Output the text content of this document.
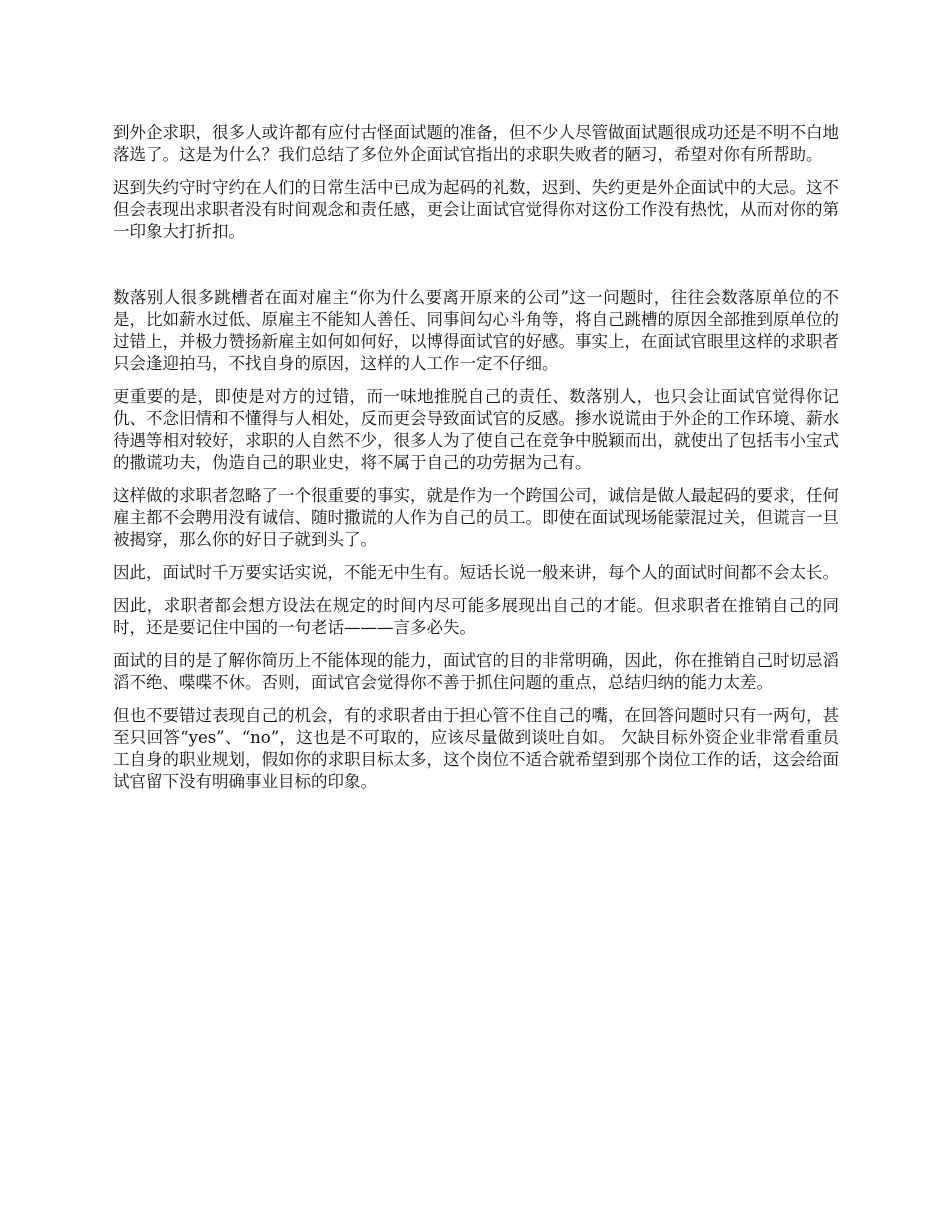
到外企求职，很多人或许都有应付古怪面试题的准备，但不少人尽管做面试题很成功还是不明不白地落选了。这是为什么？我们总结了多位外企面试官指出的求职失败者的陋习，希望对你有所帮助。

迟到失约守时守约在人们的日常生活中已成为起码的礼数，迟到、失约更是外企面试中的大忌。这不但会表现出求职者没有时间观念和责任感，更会让面试官觉得你对这份工作没有热忱，从而对你的第一印象大打折扣。

数落别人很多跳槽者在面对雇主“你为什么要离开原来的公司”这一问题时，往往会数落原单位的不是，比如薪水过低、原雇主不能知人善任、同事间勾心斗角等，将自己跳槽的原因全部推到原单位的过错上，并极力赞扬新雇主如何如何好，以博得面试官的好感。事实上，在面试官眼里这样的求职者只会逢迎拍马，不找自身的原因，这样的人工作一定不仔细。

更重要的是，即使是对方的过错，而一味地推脱自己的责任、数落别人，也只会让面试官觉得你记仇、不念旧情和不懂得与人相处，反而更会导致面试官的反感。掺水说谎由于外企的工作环境、薪水待遇等相对较好，求职的人自然不少，很多人为了使自己在竞争中脱颖而出，就使出了包括韦小宝式的撒谎功夫，伪造自己的职业史，将不属于自己的功劳据为己有。

这样做的求职者忽略了一个很重要的事实，就是作为一个跨国公司，诚信是做人最起码的要求，任何雇主都不会聘用没有诚信、随时撒谎的人作为自己的员工。即使在面试现场能蒙混过关，但谎言一旦被揭穿，那么你的好日子就到头了。

因此，面试时千万要实话实说，不能无中生有。短话长说一般来讲，每个人的面试时间都不会太长。

因此，求职者都会想方设法在规定的时间内尽可能多展现出自己的才能。但求职者在推销自己的同时，还是要记住中国的一句老话———言多必失。

面试的目的是了解你简历上不能体现的能力，面试官的目的非常明确，因此，你在推销自己时切忌滔滔不绝、喋喋不休。否则，面试官会觉得你不善于抓住问题的重点，总结归纳的能力太差。

但也不要错过表现自己的机会，有的求职者由于担心管不住自己的嘴，在回答问题时只有一两句，甚至只回答“yes”、“no”，这也是不可取的，应该尽量做到谈吐自如。 欠缺目标外资企业非常看重员工自身的职业规划，假如你的求职目标太多，这个岗位不适合就希望到那个岗位工作的话，这会给面试官留下没有明确事业目标的印象。
